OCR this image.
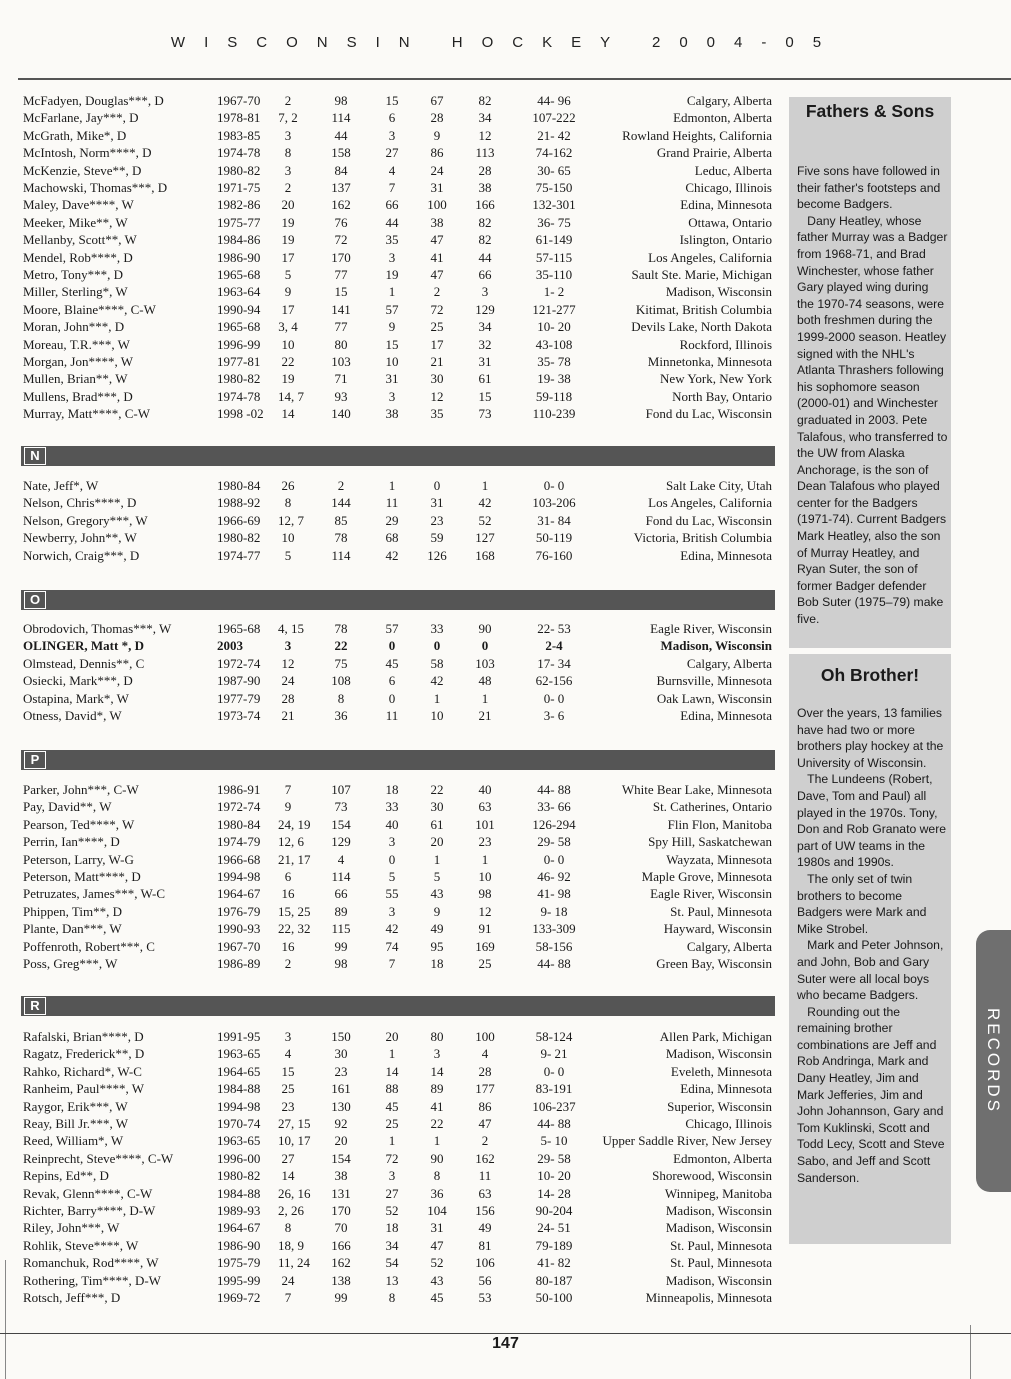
WISCONSIN HOCKEY 2004-05
McFadyen, Douglas***, D	1967-70	2	98	15	67	82	44- 96	Calgary, Alberta
McFarlane, Jay***, D	1978-81 7, 2	114	6	28	34	107-222	Edmonton, Alberta
McGrath, Mike*, D	1983-85	3	44	3	9	12	21- 42	Rowland Heights, California
McIntosh, Norm****, D	1974-78	8	158	27	86	113	74-162	Grand Prairie, Alberta
McKenzie, Steve**, D	1980-82	3	84	4	24	28	30- 65	Leduc, Alberta
Machowski, Thomas***, D	1971-75	2	137	7	31	38	75-150	Chicago, Illinois
Maley, Dave****, W	1982-86 20	162	66	100	166	132-301	Edina, Minnesota
Meeker, Mike**, W	1975-77 19	76	44	38	82	36- 75	Ottawa, Ontario
Mellanby, Scott**, W	1984-86 19	72	35	47	82	61-149	Islington, Ontario
Mendel, Rob****, D	1986-90 17	170	3	41	44	57-115	Los Angeles, California
Metro, Tony***, D	1965-68	5	77	19	47	66	35-110	Sault Ste. Marie, Michigan
Miller, Sterling*, W	1963-64	9	15	1	2	3	1- 2	Madison, Wisconsin
Moore, Blaine****, C-W	1990-94 17	141	57	72	129	121-277	Kitimat, British Columbia
Moran, John***, D	1965-68 3, 4	77	9	25	34	10- 20	Devils Lake, North Dakota
Moreau, T.R.***, W	1996-99 10	80	15	17	32	43-108	Rockford, Illinois
Morgan, Jon****, W	1977-81 22	103	10	21	31	35- 78	Minnetonka, Minnesota
Mullen, Brian**, W	1980-82 19	71	31	30	61	19- 38	New York, New York
Mullens, Brad***, D	1974-78 14, 7	93	3	12	15	59-118	North Bay, Ontario
Murray, Matt****, C-W	1998 -02 14	140	38	35	73	110-239	Fond du Lac, Wisconsin
N
Nate, Jeff*, W	1980-84 26	2	1	0	1	0- 0	Salt Lake City, Utah
Nelson, Chris****, D	1988-92	8	144	11	31	42	103-206	Los Angeles, California
Nelson, Gregory***, W	1966-69 12, 7	85	29	23	52	31- 84	Fond du Lac, Wisconsin
Newberry, John**, W	1980-82 10	78	68	59	127	50-119	Victoria, British Columbia
Norwich, Craig***, D	1974-77	5	114	42	126	168	76-160	Edina, Minnesota
O
Obrodovich, Thomas***, W	1965-68 4, 15	78	57	33	90	22- 53	Eagle River, Wisconsin
OLINGER, Matt *, D	2003	3	22	0	0	0	2-4	Madison, Wisconsin
Olmstead, Dennis**, C	1972-74 12	75	45	58	103	17- 34	Calgary, Alberta
Osiecki, Mark***, D	1987-90 24	108	6	42	48	62-156	Burnsville, Minnesota
Ostapina, Mark*, W	1977-79 28	8	0	1	1	0- 0	Oak Lawn, Wisconsin
Otness, David*, W	1973-74 21	36	11	10	21	3- 6	Edina, Minnesota
P
Parker, John***, C-W	1986-91	7	107	18	22	40	44- 88	White Bear Lake, Minnesota
Pay, David**, W	1972-74	9	73	33	30	63	33- 66	St. Catherines, Ontario
Pearson, Ted****, W	1980-84 24, 19	154	40	61	101	126-294	Flin Flon, Manitoba
Perrin, Ian****, D	1974-79 12, 6	129	3	20	23	29- 58	Spy Hill, Saskatchewan
Peterson, Larry, W-G	1966-68 21, 17	4	0	1	1	0- 0	Wayzata, Minnesota
Peterson, Matt****, D	1994-98	6	114	5	5	10	46- 92	Maple Grove, Minnesota
Petruzates, James***, W-C	1964-67 16	66	55	43	98	41- 98	Eagle River, Wisconsin
Phippen, Tim**, D	1976-79 15, 25	89	3	9	12	9- 18	St. Paul, Minnesota
Plante, Dan***, W	1990-93 22, 32	115	42	49	91	133-309	Hayward, Wisconsin
Poffenroth, Robert***, C	1967-70 16	99	74	95	169	58-156	Calgary, Alberta
Poss, Greg***, W	1986-89	2	98	7	18	25	44- 88	Green Bay, Wisconsin
R
Rafalski, Brian****, D	1991-95	3	150	20	80	100	58-124	Allen Park, Michigan
Ragatz, Frederick**, D	1963-65	4	30	1	3	4	9- 21	Madison, Wisconsin
Rahko, Richard*, W-C	1964-65 15	23	14	14	28	0- 0	Eveleth, Minnesota
Ranheim, Paul****, W	1984-88 25	161	88	89	177	83-191	Edina, Minnesota
Raygor, Erik***, W	1994-98 23	130	45	41	86	106-237	Superior, Wisconsin
Reay, Bill Jr.***, W	1970-74 27, 15	92	25	22	47	44- 88	Chicago, Illinois
Reed, William*, W	1963-65 10, 17	20	1	1	2	5- 10	Upper Saddle River, New Jersey
Reinprecht, Steve****, C-W	1996-00 27	154	72	90	162	29- 58	Edmonton, Alberta
Repins, Ed**, D	1980-82 14	38	3	8	11	10- 20	Shorewood, Wisconsin
Revak, Glenn****, C-W	1984-88 26, 16	131	27	36	63	14- 28	Winnipeg, Manitoba
Richter, Barry****, D-W	1989-93 2, 26	170	52	104	156	90-204	Madison, Wisconsin
Riley, John***, W	1964-67	8	70	18	31	49	24- 51	Madison, Wisconsin
Rohlik, Steve****, W	1986-90 18, 9	166	34	47	81	79-189	St. Paul, Minnesota
Romanchuk, Rod****, W	1975-79 11, 24	162	54	52	106	41- 82	St. Paul, Minnesota
Rothering, Tim****, D-W	1995-99 24	138	13	43	56	80-187	Madison, Wisconsin
Rotsch, Jeff***, D	1969-72	7	99	8	45	53	50-100	Minneapolis, Minnesota
Fathers & Sons
Five sons have followed in their father's footsteps and become Badgers.
Dany Heatley, whose father Murray was a Badger from 1968-71, and Brad Winchester, whose father Gary played wing during the 1970-74 seasons, were both freshmen during the 1999-2000 season. Heatley signed with the NHL's Atlanta Thrashers following his sophomore season (2000-01) and Winchester graduated in 2003. Pete Talafous, who transferred to the UW from Alaska Anchorage, is the son of Dean Talafous who played center for the Badgers (1971-74). Current Badgers Mark Heatley, also the son of Murray Heatley, and Ryan Suter, the son of former Badger defender Bob Suter (1975–79) make five.
Oh Brother!
Over the years, 13 families have had two or more brothers play hockey at the University of Wisconsin.
The Lundeens (Robert, Dave, Tom and Paul) all played in the 1970s. Tony, Don and Rob Granato were part of UW teams in the 1980s and 1990s.
The only set of twin brothers to become Badgers were Mark and Mike Strobel.
Mark and Peter Johnson, and John, Bob and Gary Suter were all local boys who became Badgers.
Rounding out the remaining brother combinations are Jeff and Rob Andringa, Mark and Dany Heatley, Jim and Mark Jefferies, Jim and John Johannson, Gary and Tom Kuklinski, Scott and Todd Lecy, Scott and Steve Sabo, and Jeff and Scott Sanderson.
RECORDS
147
